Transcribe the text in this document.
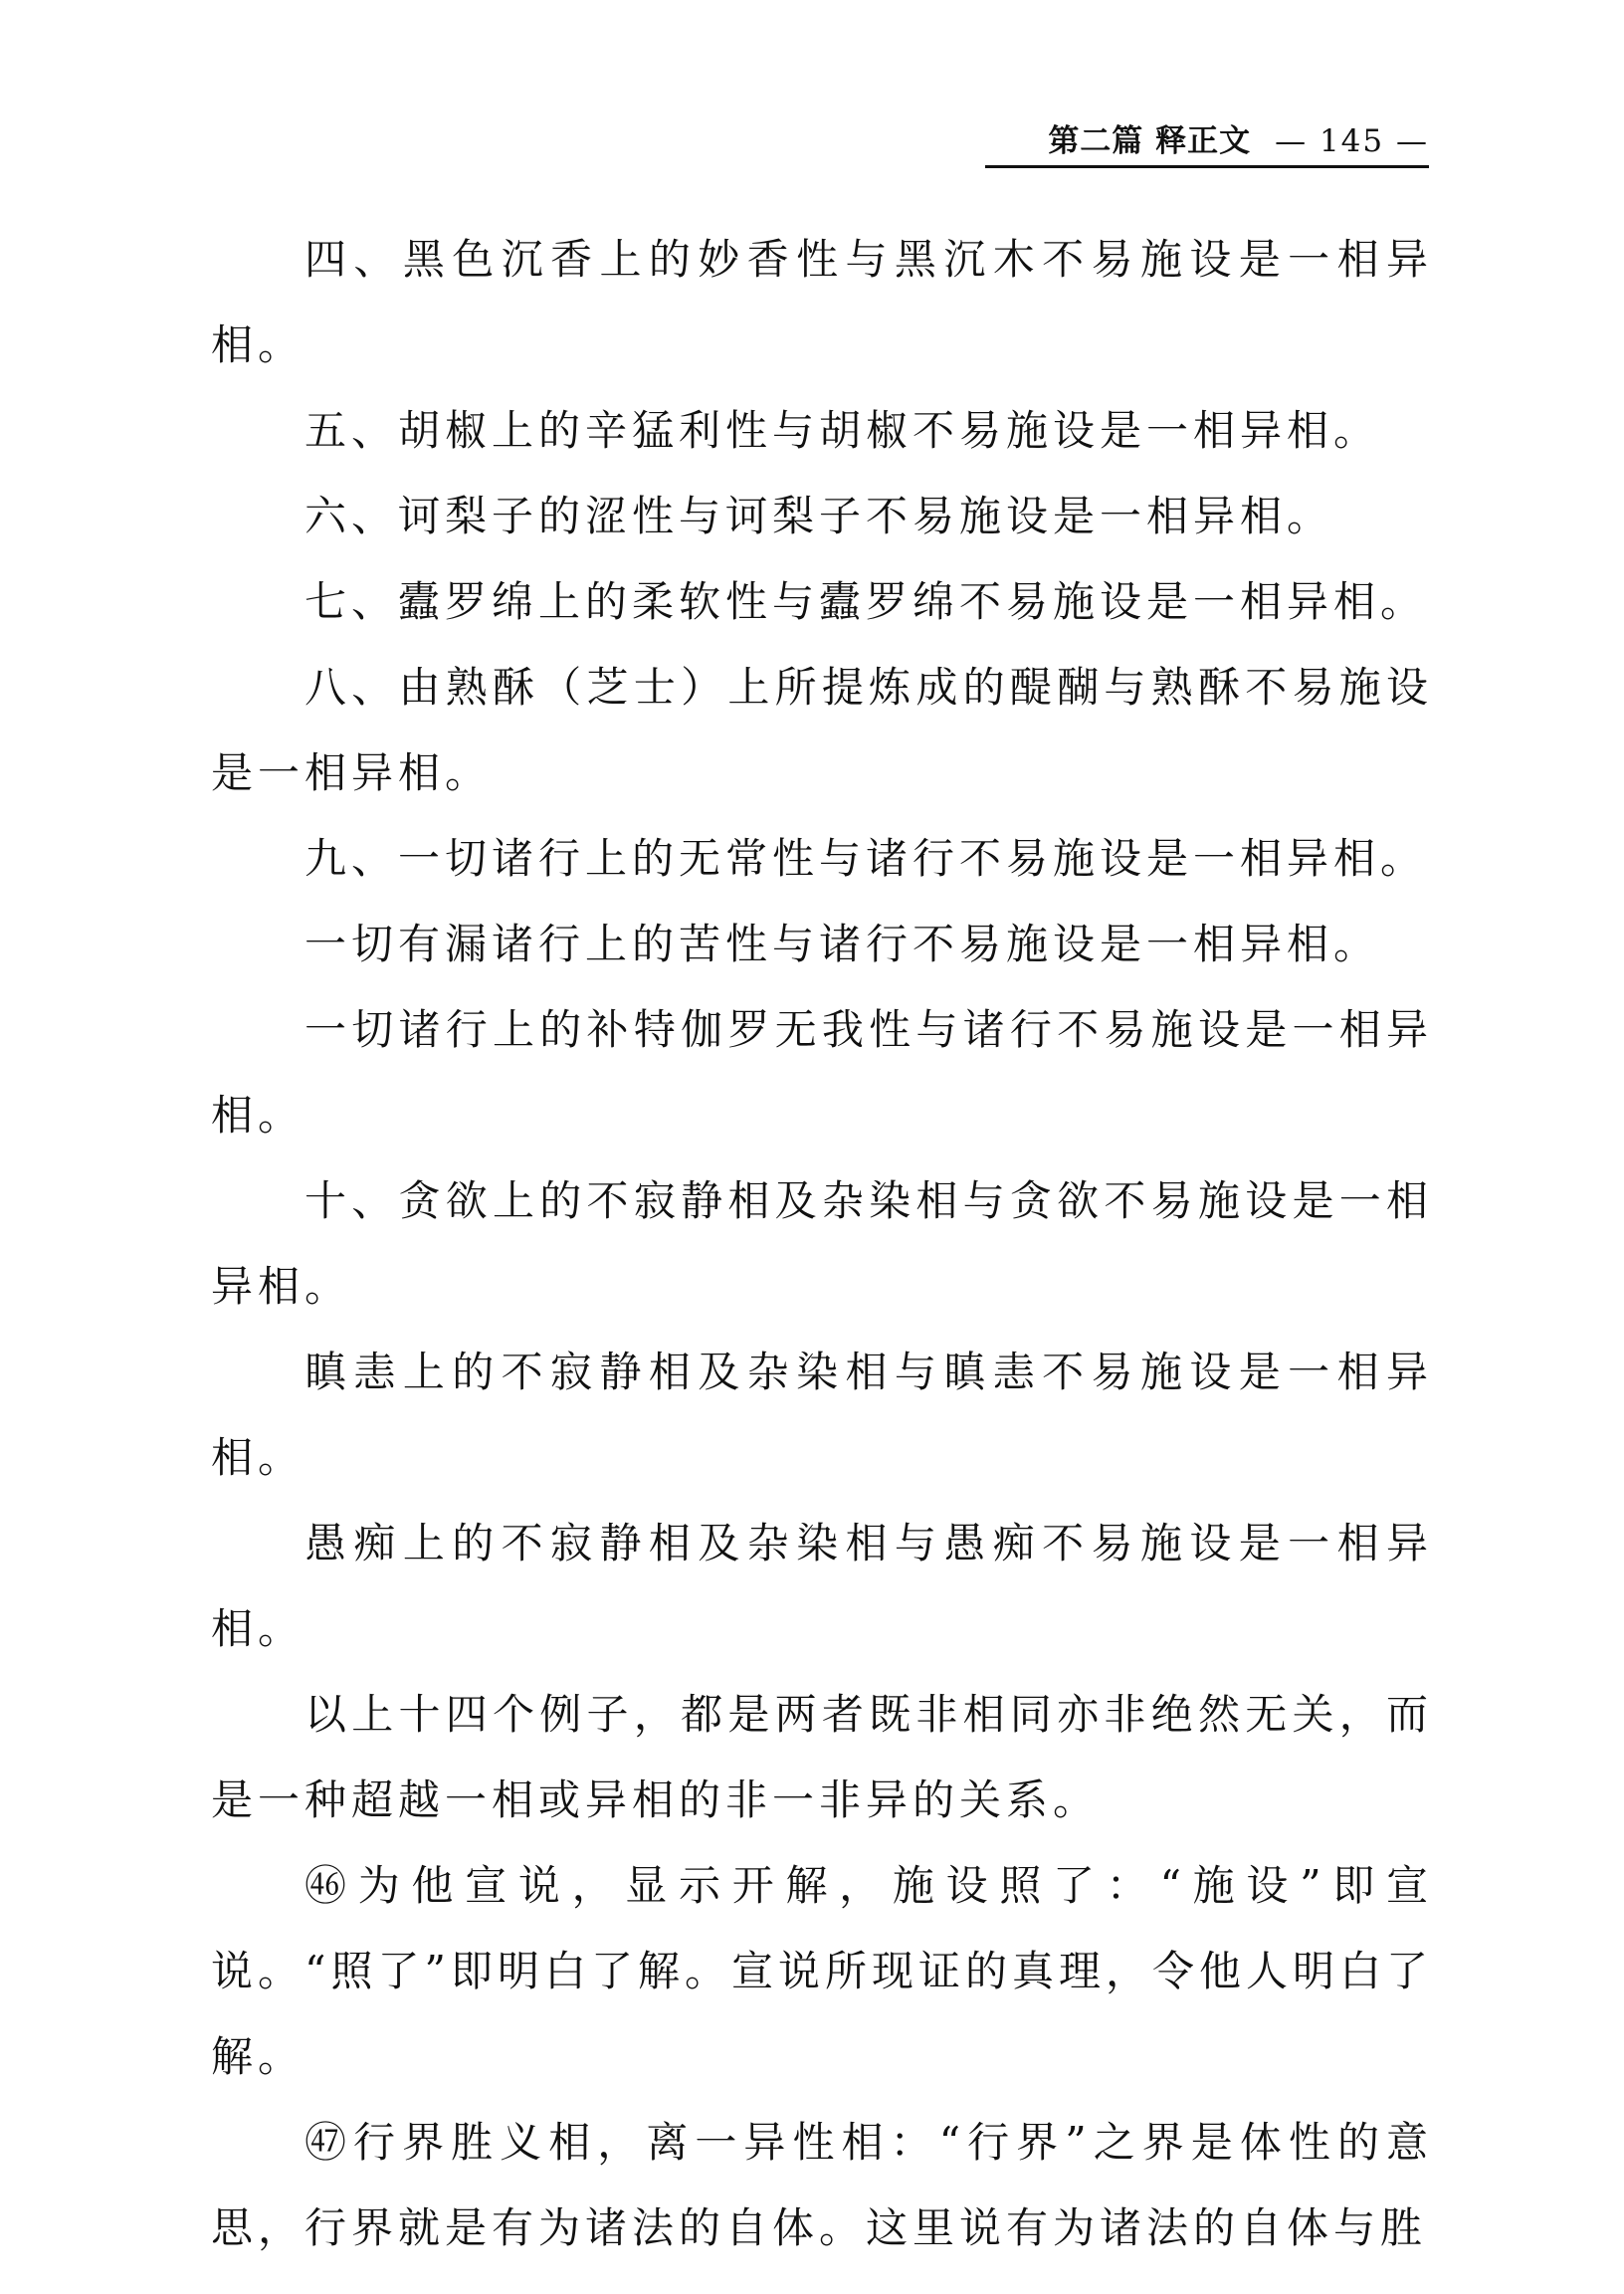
第二篇 释正文 — 145 —

四、黑色沉香上的妙香性与黑沉木不易施设是一相异相。

五、胡椒上的辛猛利性与胡椒不易施设是一相异相。

六、诃梨子的涩性与诃梨子不易施设是一相异相。

七、蠹罗绵上的柔软性与蠹罗绵不易施设是一相异相。

八、由熟酥（芝士）上所提炼成的醍醐与熟酥不易施设是一相异相。

九、一切诸行上的无常性与诸行不易施设是一相异相。

一切有漏诸行上的苦性与诸行不易施设是一相异相。

一切诸行上的补特伽罗无我性与诸行不易施设是一相异相。

十、贪欲上的不寂静相及杂染相与贪欲不易施设是一相异相。

瞋恚上的不寂静相及杂染相与瞋恚不易施设是一相异相。

愚痴上的不寂静相及杂染相与愚痴不易施设是一相异相。

以上十四个例子，都是两者既非相同亦非绝然无关，而是一种超越一相或异相的非一非异的关系。

㊻为他宣说，显示开解，施设照了：“施设”即宣说。“照了”即明白了解。宣说所现证的真理，令他人明白了解。

㊼行界胜义相，离一异性相：“行界”之界是体性的意思，行界就是有为诸法的自体。这里说有为诸法的自体与胜
